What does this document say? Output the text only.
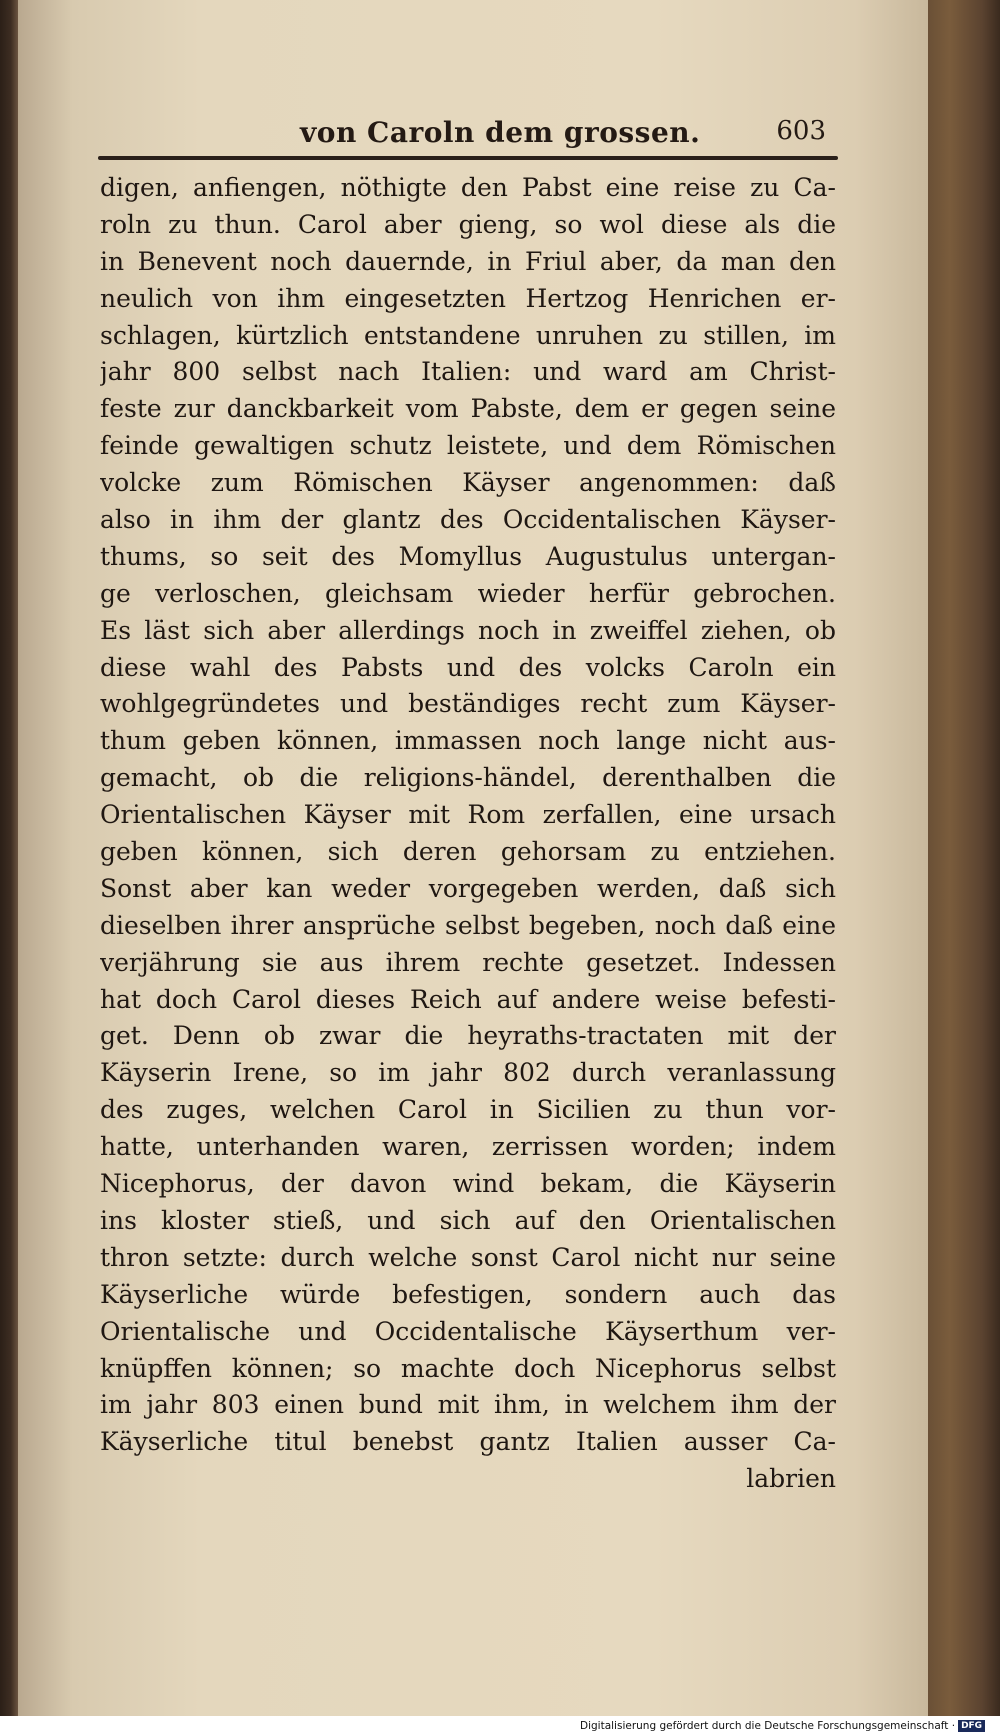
von Caroln dem grossen.	603
digen, anfiengen, nöthigte den Pabst eine reise zu Ca-
roln zu thun. Carol aber gieng, so wol diese als die
in Benevent noch dauernde, in Friul aber, da man den
neulich von ihm eingesetzten Hertzog Henrichen er-
schlagen, kürtzlich entstandene unruhen zu stillen, im
jahr 800 selbst nach Italien: und ward am Christ-
feste zur danckbarkeit vom Pabste, dem er gegen seine
feinde gewaltigen schutz leistete, und dem Römischen
volcke zum Römischen Käyser angenommen: daß
also in ihm der glantz des Occidentalischen Käyser-
thums, so seit des Momyllus Augustulus untergan-
ge verloschen, gleichsam wieder herfür gebrochen.
Es läst sich aber allerdings noch in zweiffel ziehen, ob
diese wahl des Pabsts und des volcks Caroln ein
wohlgegründetes und beständiges recht zum Käyser-
thum geben können, immassen noch lange nicht aus-
gemacht, ob die religions-händel, derenthalben die
Orientalischen Käyser mit Rom zerfallen, eine ursach
geben können, sich deren gehorsam zu entziehen.
Sonst aber kan weder vorgegeben werden, daß sich
dieselben ihrer ansprüche selbst begeben, noch daß eine
verjährung sie aus ihrem rechte gesetzet. Indessen
hat doch Carol dieses Reich auf andere weise befesti-
get. Denn ob zwar die heyraths-tractaten mit der
Käyserin Irene, so im jahr 802 durch veranlassung
des zuges, welchen Carol in Sicilien zu thun vor-
hatte, unterhanden waren, zerrissen worden; indem
Nicephorus, der davon wind bekam, die Käyserin
ins kloster stieß, und sich auf den Orientalischen
thron setzte: durch welche sonst Carol nicht nur seine
Käyserliche würde befestigen, sondern auch das
Orientalische und Occidentalische Käyserthum ver-
knüpffen können; so machte doch Nicephorus selbst
im jahr 803 einen bund mit ihm, in welchem ihm der
Käyserliche titul benebst gantz Italien ausser Ca-
labrien
Digitalisierung gefördert durch die Deutsche Forschungsgemeinschaft · DFG
